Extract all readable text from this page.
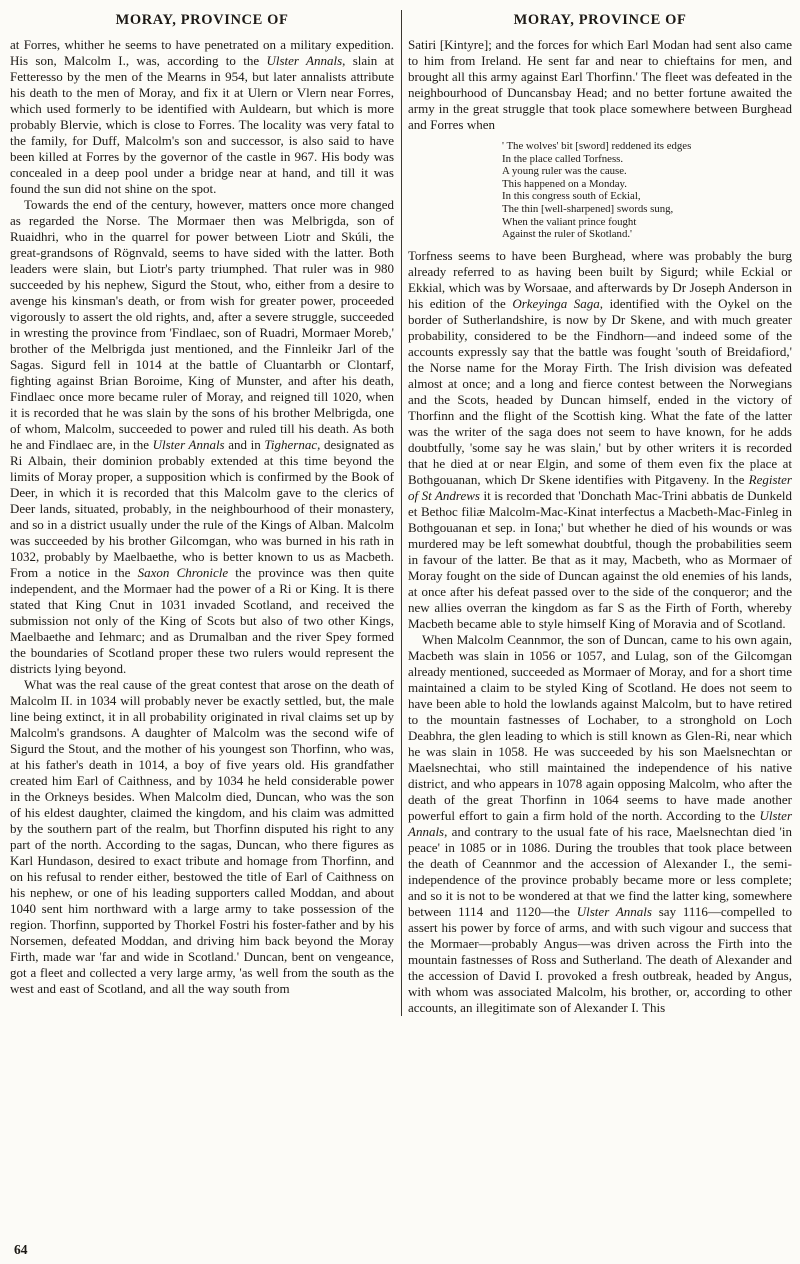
MORAY, PROVINCE OF

at Forres, whither he seems to have penetrated on a military expedition. His son, Malcolm I., was, according to the Ulster Annals, slain at Fetteresso by the men of the Mearns in 954, but later annalists attribute his death to the men of Moray, and fix it at Ulern or Vlern near Forres, which used formerly to be identified with Auldearn, but which is more probably Blervie, which is close to Forres. The locality was very fatal to the family, for Duff, Malcolm's son and successor, is also said to have been killed at Forres by the governor of the castle in 967. His body was concealed in a deep pool under a bridge near at hand, and till it was found the sun did not shine on the spot.

Towards the end of the century, however, matters once more changed as regarded the Norse. The Mormaer then was Melbrigda, son of Ruaidhri, who in the quarrel for power between Liotr and Skúli, the great-grandsons of Rögnvald, seems to have sided with the latter. Both leaders were slain, but Liotr's party triumphed. That ruler was in 980 succeeded by his nephew, Sigurd the Stout, who, either from a desire to avenge his kinsman's death, or from wish for greater power, proceeded vigorously to assert the old rights, and, after a severe struggle, succeeded in wresting the province from 'Findlaec, son of Ruadri, Mormaer Moreb,' brother of the Melbrigda just mentioned, and the Finnleikr Jarl of the Sagas. Sigurd fell in 1014 at the battle of Cluantarbh or Clontarf, fighting against Brian Boroime, King of Munster, and after his death, Findlaec once more became ruler of Moray, and reigned till 1020, when it is recorded that he was slain by the sons of his brother Melbrigda, one of whom, Malcolm, succeeded to power and ruled till his death. As both he and Findlaec are, in the Ulster Annals and in Tighernac, designated as Ri Albain, their dominion probably extended at this time beyond the limits of Moray proper, a supposition which is confirmed by the Book of Deer, in which it is recorded that this Malcolm gave to the clerics of Deer lands, situated, probably, in the neighbourhood of their monastery, and so in a district usually under the rule of the Kings of Alban. Malcolm was succeeded by his brother Gilcomgan, who was burned in his rath in 1032, probably by Maelbaethe, who is better known to us as Macbeth. From a notice in the Saxon Chronicle the province was then quite independent, and the Mormaer had the power of a Ri or King. It is there stated that King Cnut in 1031 invaded Scotland, and received the submission not only of the King of Scots but also of two other Kings, Maelbaethe and Iehmarc; and as Drumalban and the river Spey formed the boundaries of Scotland proper these two rulers would represent the districts lying beyond.

What was the real cause of the great contest that arose on the death of Malcolm II. in 1034 will probably never be exactly settled, but, the male line being extinct, it in all probability originated in rival claims set up by Malcolm's grandsons. A daughter of Malcolm was the second wife of Sigurd the Stout, and the mother of his youngest son Thorfinn, who was, at his father's death in 1014, a boy of five years old. His grandfather created him Earl of Caithness, and by 1034 he held considerable power in the Orkneys besides. When Malcolm died, Duncan, who was the son of his eldest daughter, claimed the kingdom, and his claim was admitted by the southern part of the realm, but Thorfinn disputed his right to any part of the north. According to the sagas, Duncan, who there figures as Karl Hundason, desired to exact tribute and homage from Thorfinn, and on his refusal to render either, bestowed the title of Earl of Caithness on his nephew, or one of his leading supporters called Moddan, and about 1040 sent him northward with a large army to take possession of the region. Thorfinn, supported by Thorkel Fostri his foster-father and by his Norsemen, defeated Moddan, and driving him back beyond the Moray Firth, made war 'far and wide in Scotland.' Duncan, bent on vengeance, got a fleet and collected a very large army, 'as well from the south as the west and east of Scotland, and all the way south from

MORAY, PROVINCE OF

Satiri [Kintyre]; and the forces for which Earl Modan had sent also came to him from Ireland. He sent far and near to chieftains for men, and brought all this army against Earl Thorfinn.' The fleet was defeated in the neighbourhood of Duncansbay Head; and no better fortune awaited the army in the great struggle that took place somewhere between Burghead and Forres when

' The wolves' bit [sword] reddened its edges
In the place called Torfness.
A young ruler was the cause.
This happened on a Monday.
In this congress south of Eckial,
The thin [well-sharpened] swords sung,
When the valiant prince fought
Against the ruler of Skotland.'

Torfness seems to have been Burghead, where was probably the burg already referred to as having been built by Sigurd; while Eckial or Ekkial, which was by Worsaae, and afterwards by Dr Joseph Anderson in his edition of the Orkeyinga Saga, identified with the Oykel on the border of Sutherlandshire, is now by Dr Skene, and with much greater probability, considered to be the Findhorn—and indeed some of the accounts expressly say that the battle was fought 'south of Breidafiord,' the Norse name for the Moray Firth. The Irish division was defeated almost at once; and a long and fierce contest between the Norwegians and the Scots, headed by Duncan himself, ended in the victory of Thorfinn and the flight of the Scottish king. What the fate of the latter was the writer of the saga does not seem to have known, for he adds doubtfully, 'some say he was slain,' but by other writers it is recorded that he died at or near Elgin, and some of them even fix the place at Bothgouanan, which Dr Skene identifies with Pitgaveny. In the Register of St Andrews it is recorded that 'Donchath Mac-Trini abbatis de Dunkeld et Bethoc filiæ Malcolm-Mac-Kinat interfectus a Macbeth-Mac-Finleg in Bothgouanan et sep. in Iona;' but whether he died of his wounds or was murdered may be left somewhat doubtful, though the probabilities seem in favour of the latter. Be that as it may, Macbeth, who as Mormaer of Moray fought on the side of Duncan against the old enemies of his lands, at once after his defeat passed over to the side of the conqueror; and the new allies overran the kingdom as far S as the Firth of Forth, whereby Macbeth became able to style himself King of Moravia and of Scotland.

When Malcolm Ceannmor, the son of Duncan, came to his own again, Macbeth was slain in 1056 or 1057, and Lulag, son of the Gilcomgan already mentioned, succeeded as Mormaer of Moray, and for a short time maintained a claim to be styled King of Scotland. He does not seem to have been able to hold the lowlands against Malcolm, but to have retired to the mountain fastnesses of Lochaber, to a stronghold on Loch Deabhra, the glen leading to which is still known as Glen-Ri, near which he was slain in 1058. He was succeeded by his son Maelsnechtan or Maelsnechtai, who still maintained the independence of his native district, and who appears in 1078 again opposing Malcolm, who after the death of the great Thorfinn in 1064 seems to have made another powerful effort to gain a firm hold of the north. According to the Ulster Annals, and contrary to the usual fate of his race, Maelsnechtan died 'in peace' in 1085 or in 1086. During the troubles that took place between the death of Ceannmor and the accession of Alexander I., the semi-independence of the province probably became more or less complete; and so it is not to be wondered at that we find the latter king, somewhere between 1114 and 1120—the Ulster Annals say 1116—compelled to assert his power by force of arms, and with such vigour and success that the Mormaer—probably Angus—was driven across the Firth into the mountain fastnesses of Ross and Sutherland. The death of Alexander and the accession of David I. provoked a fresh outbreak, headed by Angus, with whom was associated Malcolm, his brother, or, according to other accounts, an illegitimate son of Alexander I. This

64
